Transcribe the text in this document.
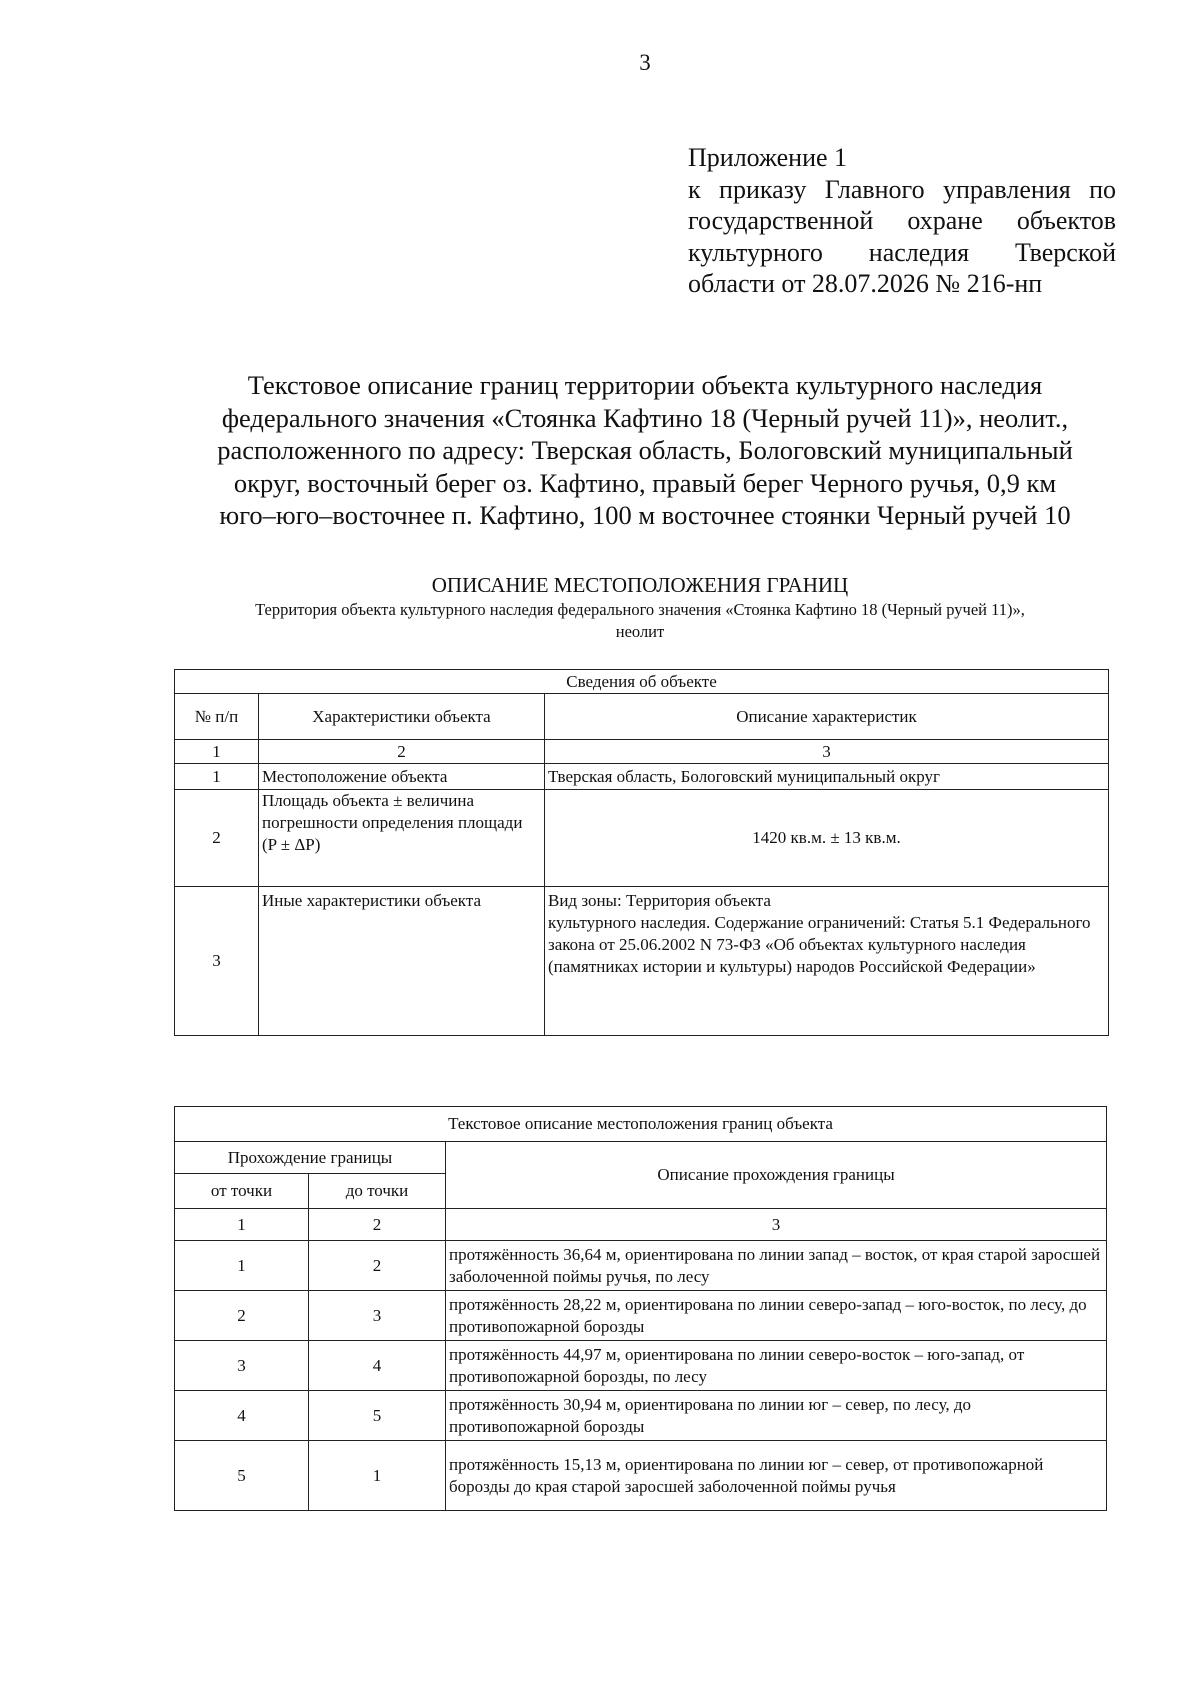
3
Приложение 1
к приказу Главного управления по
государственной охране объектов
культурного наследия Тверской
области от 28.07.2026 № 216-нп
Текстовое описание границ территории объекта культурного наследия
федерального значения «Стоянка Кафтино 18 (Черный ручей 11)», неолит.,
расположенного по адресу: Тверская область, Бологовский муниципальный
округ, восточный берег оз. Кафтино, правый берег Черного ручья, 0,9 км
юго–юго–восточнее п. Кафтино, 100 м восточнее стоянки Черный ручей 10
ОПИСАНИЕ МЕСТОПОЛОЖЕНИЯ ГРАНИЦ
Территория объекта культурного наследия федерального значения «Стоянка Кафтино 18 (Черный ручей 11)»,
неолит
Сведения об объекте		
№ п/п	Характеристики объекта	Описание характеристик
1	2	3
1	Местоположение объекта	Тверская область, Бологовский муниципальный округ
2	Площадь объекта ± величина погрешности определения площади (P ± ΔP)	1420 кв.м. ± 13 кв.м.
3	Иные характеристики объекта	Вид зоны: Территория объекта
культурного наследия. Содержание ограничений: Статья 5.1 Федерального закона от 25.06.2002 N 73-ФЗ «Об объектах культурного наследия (памятниках истории и культуры) народов Российской Федерации»
Текстовое описание местоположения границ объекта		
Прохождение границы		Описание прохождения границы
от точки	до точки	
1	2	3
1	2	протяжённость 36,64 м, ориентирована по линии запад – восток, от края старой заросшей заболоченной поймы ручья, по лесу
2	3	протяжённость 28,22 м, ориентирована по линии северо-запад – юго-восток, по лесу, до противопожарной борозды
3	4	протяжённость 44,97 м, ориентирована по линии северо-восток – юго-запад, от противопожарной борозды, по лесу
4	5	протяжённость 30,94 м, ориентирована по линии юг – север, по лесу, до противопожарной борозды
5	1	протяжённость 15,13 м, ориентирована по линии юг – север, от противопожарной борозды до края старой заросшей заболоченной поймы ручья
